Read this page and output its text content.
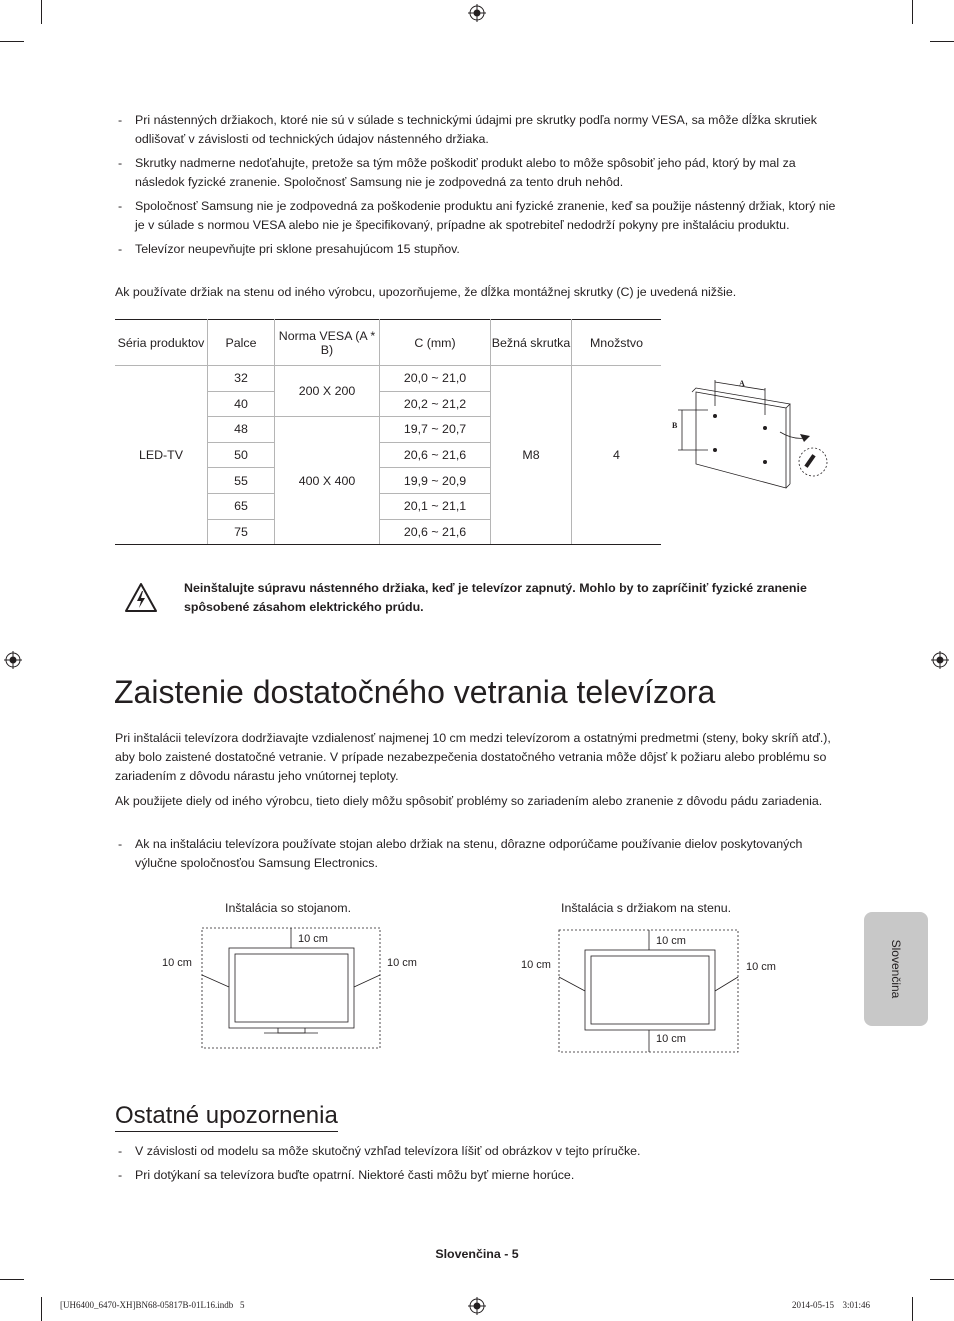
- Pri nástenných držiakoch, ktoré nie sú v súlade s technickými údajmi pre skrutky podľa normy VESA, sa môže dĺžka skrutiek odlišovať v závislosti od technických údajov nástenného držiaka.
- Skrutky nadmerne nedoťahujte, pretože sa tým môže poškodiť produkt alebo to môže spôsobiť jeho pád, ktorý by mal za následok fyzické zranenie. Spoločnosť Samsung nie je zodpovedná za tento druh nehôd.
- Spoločnosť Samsung nie je zodpovedná za poškodenie produktu ani fyzické zranenie, keď sa použije nástenný držiak, ktorý nie je v súlade s normou VESA alebo nie je špecifikovaný, prípadne ak spotrebiteľ nedodrží pokyny pre inštaláciu produktu.
- Televízor neupevňujte pri sklone presahujúcom 15 stupňov.
Ak používate držiak na stenu od iného výrobcu, upozorňujeme, že dĺžka montážnej skrutky (C) je uvedená nižšie.
Séria produktov	Palce	Norma VESA (A * B)	C (mm)	Bežná skrutka	Množstvo
LED-TV	32	200 X 200	20,0 ~ 21,0	M8	4
	40		20,2 ~ 21,2		
	48	400 X 400	19,7 ~ 20,7		
	50		20,6 ~ 21,6		
	55		19,9 ~ 20,9		
	65		20,1 ~ 21,1		
	75		20,6 ~ 21,6		
A
B
Neinštalujte súpravu nástenného držiaka, keď je televízor zapnutý. Mohlo by to zapríčiniť fyzické zranenie spôsobené zásahom elektrického prúdu.
Zaistenie dostatočného vetrania televízora
Pri inštalácii televízora dodržiavajte vzdialenosť najmenej 10 cm medzi televízorom a ostatnými predmetmi (steny, boky skríň atď.), aby bolo zaistené dostatočné vetranie. V prípade nezabezpečenia dostatočného vetrania môže dôjsť k požiaru alebo problému so zariadením z dôvodu nárastu jeho vnútornej teploty.
Ak použijete diely od iného výrobcu, tieto diely môžu spôsobiť problémy so zariadením alebo zranenie z dôvodu pádu zariadenia.
- Ak na inštaláciu televízora používate stojan alebo držiak na stenu, dôrazne odporúčame používanie dielov poskytovaných výlučne spoločnosťou Samsung Electronics.
Inštalácia so stojanom.	Inštalácia s držiakom na stenu.
10 cm
10 cm	10 cm
10 cm
10 cm	10 cm
10 cm
Ostatné upozornenia
- V závislosti od modelu sa môže skutočný vzhľad televízora líšiť od obrázkov v tejto príručke.
- Pri dotýkaní sa televízora buďte opatrní. Niektoré časti môžu byť mierne horúce.
Slovenčina
Slovenčina - 5
[UH6400_6470-XH]BN68-05817B-01L16.indb   5	2014-05-15    3:01:46
